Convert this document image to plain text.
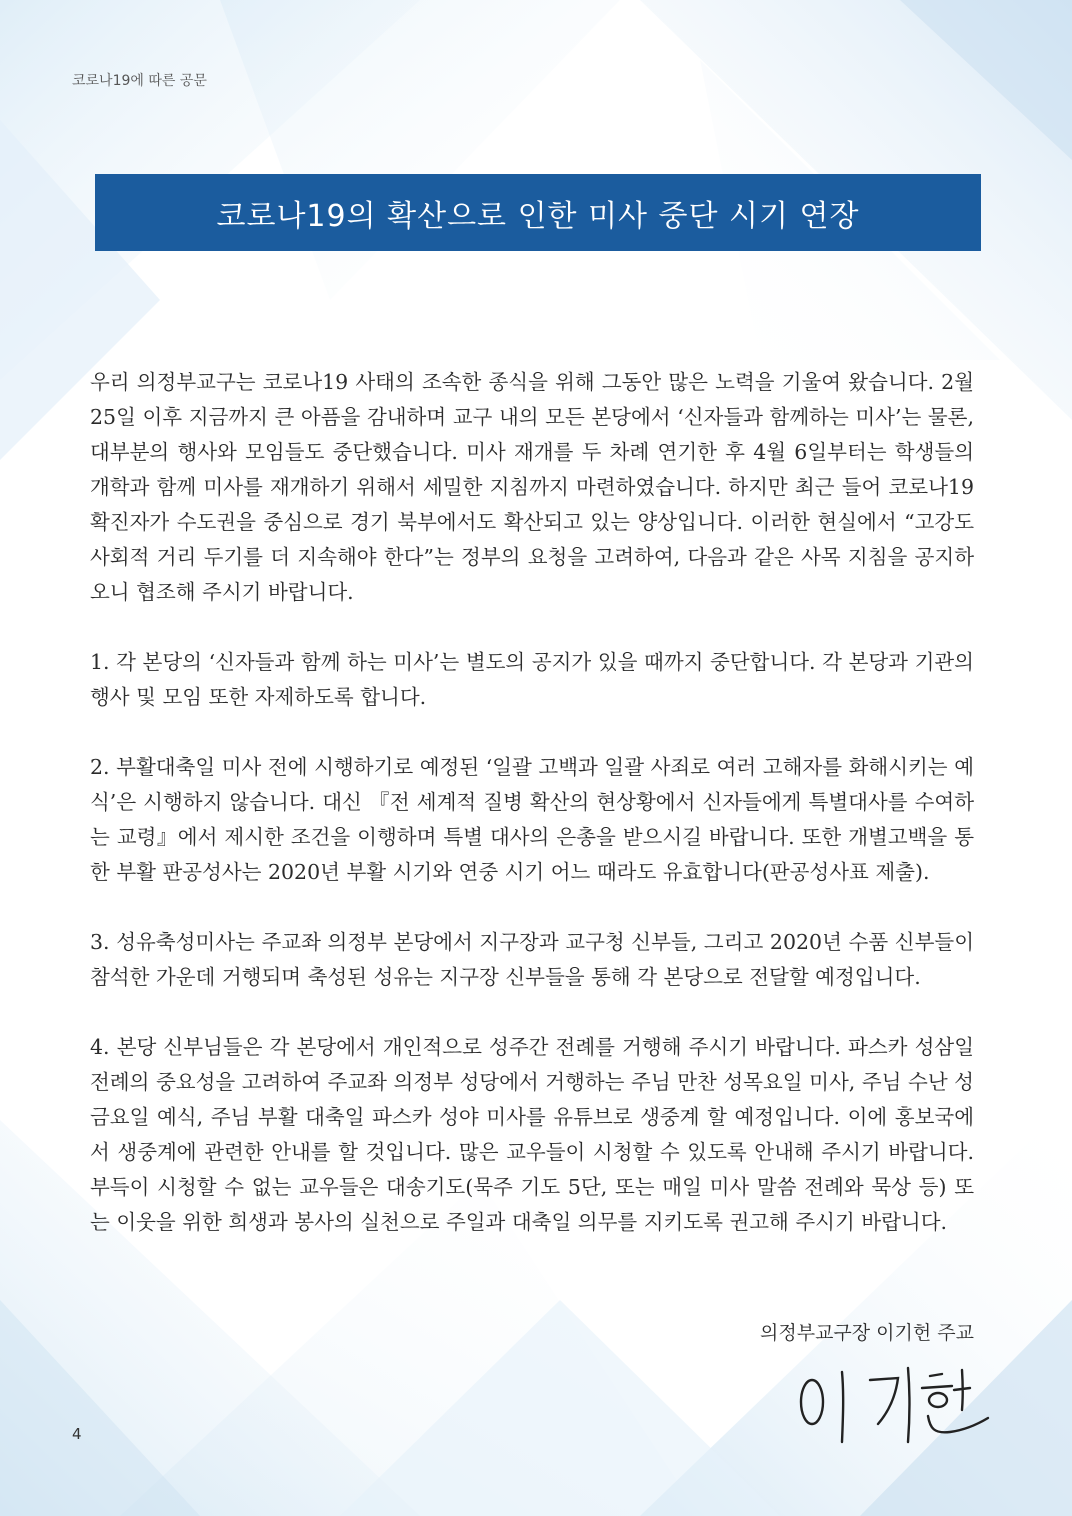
코로나19에 따른 공문
코로나19의 확산으로 인한 미사 중단 시기 연장

우리 의정부교구는 코로나19 사태의 조속한 종식을 위해 그동안 많은 노력을 기울여 왔습니다. 2월 25일 이후 지금까지 큰 아픔을 감내하며 교구 내의 모든 본당에서 ‘신자들과 함께하는 미사’는 물론, 대부분의 행사와 모임들도 중단했습니다. 미사 재개를 두 차례 연기한 후 4월 6일부터는 학생들의 개학과 함께 미사를 재개하기 위해서 세밀한 지침까지 마련하였습니다. 하지만 최근 들어 코로나19 확진자가 수도권을 중심으로 경기 북부에서도 확산되고 있는 양상입니다. 이러한 현실에서 “고강도 사회적 거리 두기를 더 지속해야 한다”는 정부의 요청을 고려하여, 다음과 같은 사목 지침을 공지하오니 협조해 주시기 바랍니다.

1. 각 본당의 ‘신자들과 함께 하는 미사’는 별도의 공지가 있을 때까지 중단합니다. 각 본당과 기관의 행사 및 모임 또한 자제하도록 합니다.

2. 부활대축일 미사 전에 시행하기로 예정된 ‘일괄 고백과 일괄 사죄로 여러 고해자를 화해시키는 예식’은 시행하지 않습니다. 대신 『전 세계적 질병 확산의 현상황에서 신자들에게 특별대사를 수여하는 교령』에서 제시한 조건을 이행하며 특별 대사의 은총을 받으시길 바랍니다. 또한 개별고백을 통한 부활 판공성사는 2020년 부활 시기와 연중 시기 어느 때라도 유효합니다(판공성사표 제출).

3. 성유축성미사는 주교좌 의정부 본당에서 지구장과 교구청 신부들, 그리고 2020년 수품 신부들이 참석한 가운데 거행되며 축성된 성유는 지구장 신부들을 통해 각 본당으로 전달할 예정입니다.

4. 본당 신부님들은 각 본당에서 개인적으로 성주간 전례를 거행해 주시기 바랍니다. 파스카 성삼일 전례의 중요성을 고려하여 주교좌 의정부 성당에서 거행하는 주님 만찬 성목요일 미사, 주님 수난 성금요일 예식, 주님 부활 대축일 파스카 성야 미사를 유튜브로 생중계 할 예정입니다. 이에 홍보국에서 생중계에 관련한 안내를 할 것입니다. 많은 교우들이 시청할 수 있도록 안내해 주시기 바랍니다. 부득이 시청할 수 없는 교우들은 대송기도(묵주 기도 5단, 또는 매일 미사 말씀 전례와 묵상 등) 또는 이웃을 위한 희생과 봉사의 실천으로 주일과 대축일 의무를 지키도록 권고해 주시기 바랍니다.

의정부교구장 이기헌 주교
4
